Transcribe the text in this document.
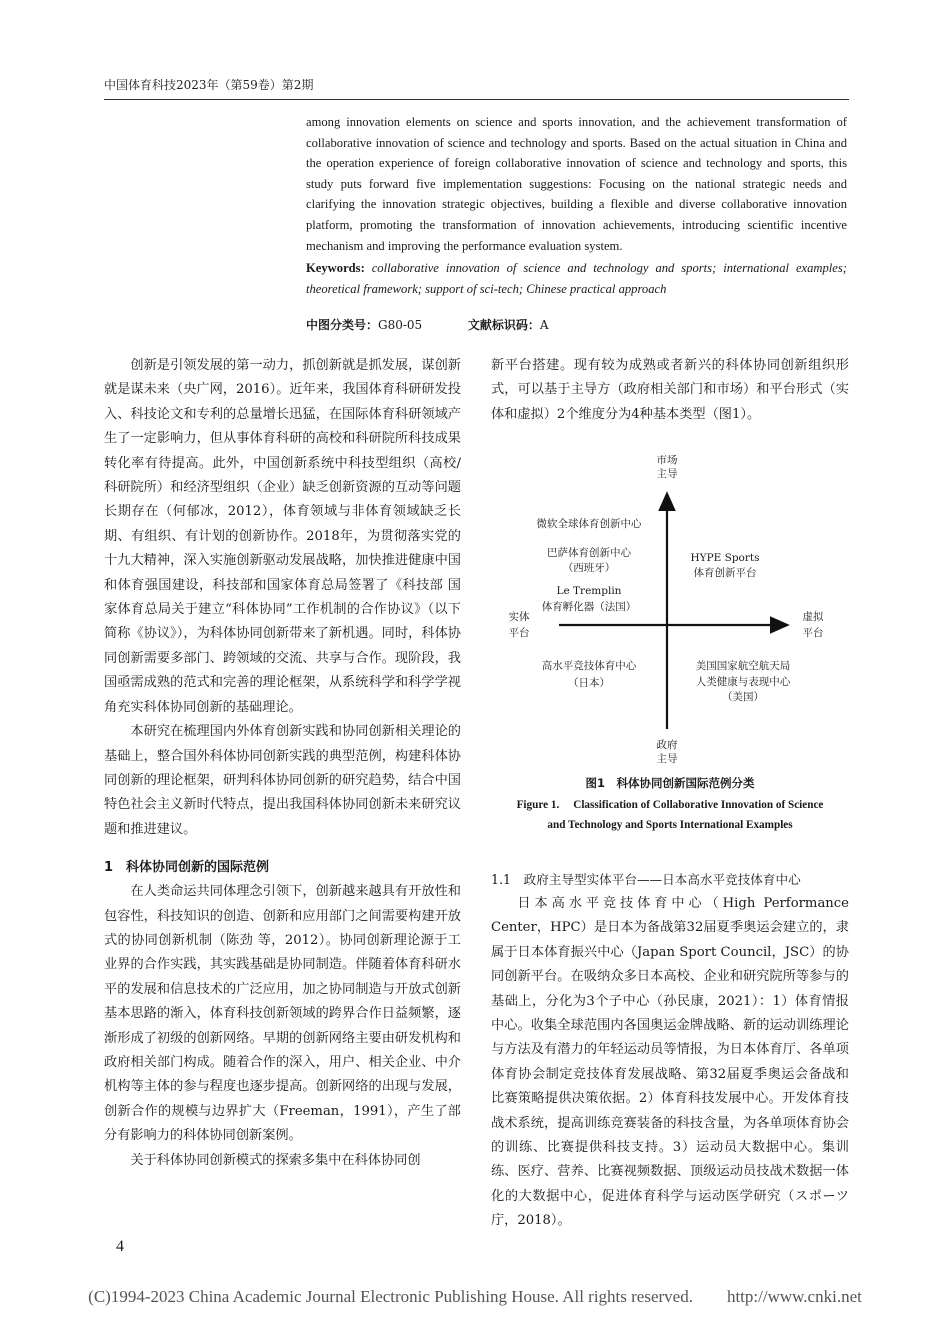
中国体育科技2023年（第59卷）第2期
among innovation elements on science and sports innovation, and the achievement transformation of collaborative innovation of science and technology and sports. Based on the actual situation in China and the operation experience of foreign collaborative innovation of science and technology and sports, this study puts forward five implementation suggestions: Focusing on the national strategic needs and clarifying the innovation strategic objectives, building a flexible and diverse collaborative innovation platform, promoting the transformation of innovation achievements, introducing scientific incentive mechanism and improving the performance evaluation system.
Keywords: collaborative innovation of science and technology and sports; international examples; theoretical framework; support of sci-tech; Chinese practical approach
中图分类号：G80-05	文献标识码：A

创新是引领发展的第一动力，抓创新就是抓发展，谋创新就是谋未来（央广网，2016）。近年来，我国体育科研研发投入、科技论文和专利的总量增长迅猛，在国际体育科研领域产生了一定影响力，但从事体育科研的高校和科研院所科技成果转化率有待提高。此外，中国创新系统中科技型组织（高校/科研院所）和经济型组织（企业）缺乏创新资源的互动等问题长期存在（何郁冰，2012），体育领域与非体育领域缺乏长期、有组织、有计划的创新协作。2018年，为贯彻落实党的十九大精神，深入实施创新驱动发展战略，加快推进健康中国和体育强国建设，科技部和国家体育总局签署了《科技部 国家体育总局关于建立“科体协同”工作机制的合作协议》（以下简称《协议》），为科体协同创新带来了新机遇。同时，科体协同创新需要多部门、跨领域的交流、共享与合作。现阶段，我国亟需成熟的范式和完善的理论框架，从系统科学和科学学视角充实科体协同创新的基础理论。

本研究在梳理国内外体育创新实践和协同创新相关理论的基础上，整合国外科体协同创新实践的典型范例，构建科体协同创新的理论框架，研判科体协同创新的研究趋势，结合中国特色社会主义新时代特点，提出我国科体协同创新未来研究议题和推进建议。

1　科体协同创新的国际范例

在人类命运共同体理念引领下，创新越来越具有开放性和包容性，科技知识的创造、创新和应用部门之间需要构建开放式的协同创新机制（陈劲 等，2012）。协同创新理论源于工业界的合作实践，其实践基础是协同制造。伴随着体育科研水平的发展和信息技术的广泛应用，加之协同制造与开放式创新基本思路的渐入，体育科技创新领域的跨界合作日益频繁，逐渐形成了初级的创新网络。早期的创新网络主要由研发机构和政府相关部门构成。随着合作的深入，用户、相关企业、中介机构等主体的参与程度也逐步提高。创新网络的出现与发展，创新合作的规模与边界扩大（Freeman，1991），产生了部分有影响力的科体协同创新案例。

关于科体协同创新模式的探索多集中在科体协同创

新平台搭建。现有较为成熟或者新兴的科体协同创新组织形式，可以基于主导方（政府相关部门和市场）和平台形式（实体和虚拟）2个维度分为4种基本类型（图1）。

市场
主导
政府
主导
实体
平台
虚拟
平台
微软全球体育创新中心
巴萨体育创新中心
（西班牙）
Le Tremplin
体育孵化器（法国）
HYPE Sports
体育创新平台
高水平竞技体育中心
（日本）
美国国家航空航天局
人类健康与表现中心
（美国）
图1　科体协同创新国际范例分类
Figure 1.　 Classification of Collaborative Innovation of Science
and Technology and Sports International Examples
1.1　政府主导型实体平台——日本高水平竞技体育中心

日本高水平竞技体育中心（High Performance Center，HPC）是日本为备战第32届夏季奥运会建立的，隶属于日本体育振兴中心（Japan Sport Council，JSC）的协同创新平台。在吸纳众多日本高校、企业和研究院所等参与的基础上，分化为3个子中心（孙民康，2021）：1）体育情报中心。收集全球范围内各国奥运金牌战略、新的运动训练理论与方法及有潜力的年轻运动员等情报，为日本体育厅、各单项体育协会制定竞技体育发展战略、第32届夏季奥运会备战和比赛策略提供决策依据。2）体育科技发展中心。开发体育技战术系统，提高训练竞赛装备的科技含量，为各单项体育协会的训练、比赛提供科技支持。3）运动员大数据中心。集训练、医疗、营养、比赛视频数据、顶级运动员技战术数据一体化的大数据中心，促进体育科学与运动医学研究（スポーツ庁，2018）。

4
(C)1994-2023 China Academic Journal Electronic Publishing House. All rights reserved.　　http://www.cnki.net
